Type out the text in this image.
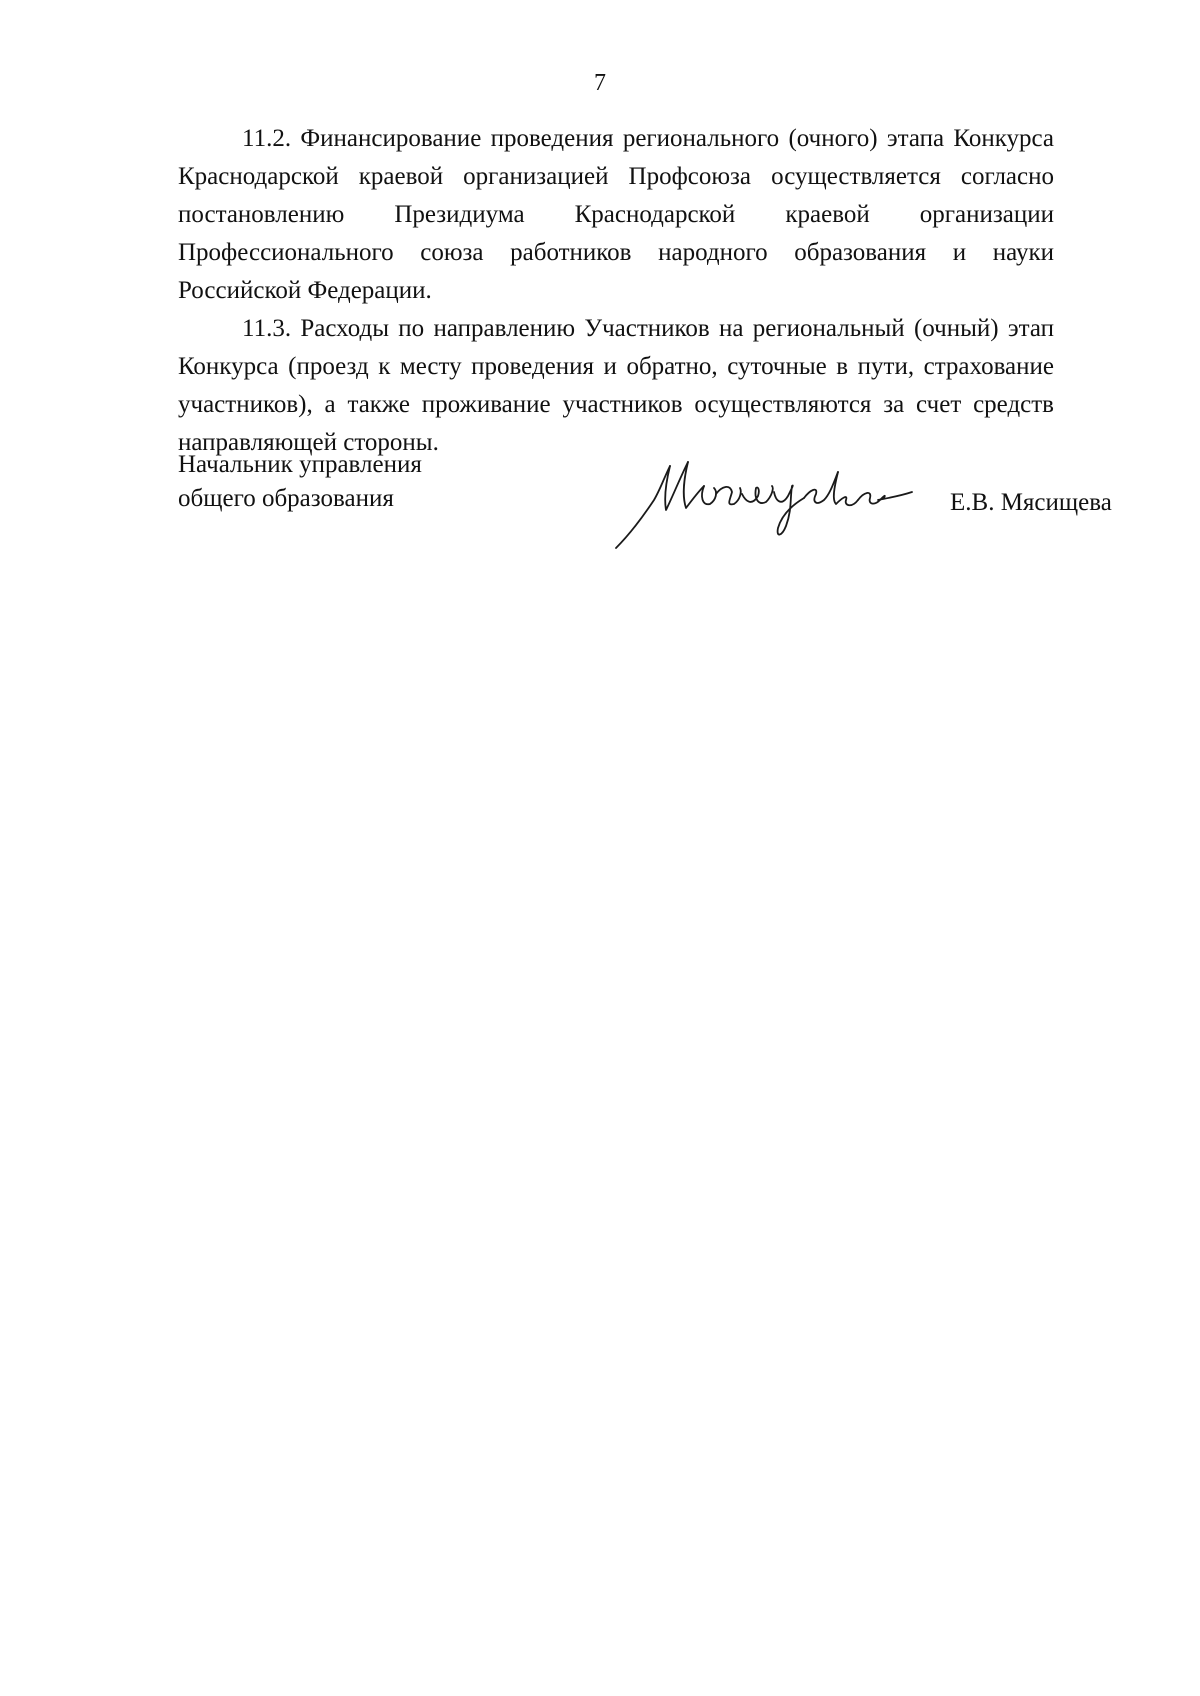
7

11.2. Финансирование проведения регионального (очного) этапа Конкурса Краснодарской краевой организацией Профсоюза осуществляется согласно постановлению Президиума Краснодарской краевой организации Профессионального союза работников народного образования и науки Российской Федерации.

11.3. Расходы по направлению Участников на региональный (очный) этап Конкурса (проезд к месту проведения и обратно, суточные в пути, страхование участников), а также проживание участников осуществляются за счет средств направляющей стороны.

Начальник управления
общего образования	Е.В. Мясищева
